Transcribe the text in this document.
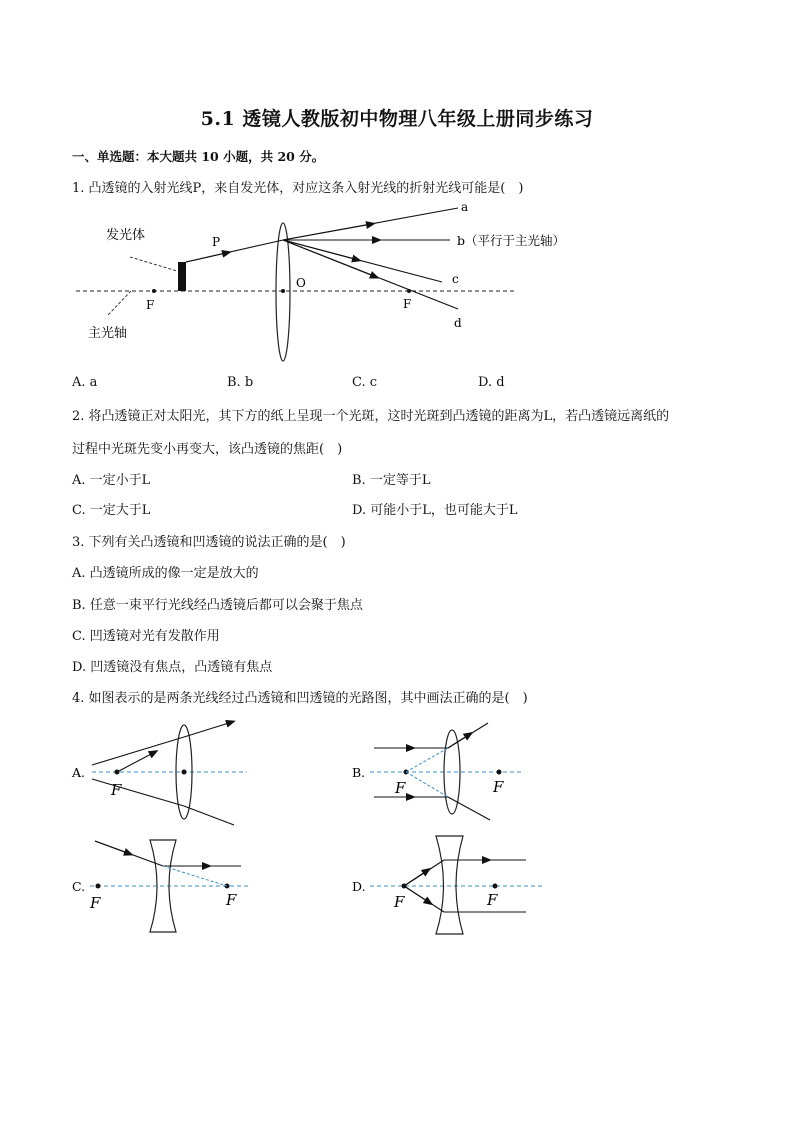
5.1 透镜人教版初中物理八年级上册同步练习
一、单选题：本大题共 10 小题，共 20 分。
1. 凸透镜的入射光线P，来自发光体，对应这条入射光线的折射光线可能是(　)
发光体	P
O
F	F
主光轴
a
b（平行于主光轴）
c
d
A. a	B. b	C. c	D. d
2. 将凸透镜正对太阳光，其下方的纸上呈现一个光斑，这时光斑到凸透镜的距离为L，若凸透镜远离纸的
过程中光斑先变小再变大，该凸透镜的焦距(　)
A. 一定小于L	B. 一定等于L
C. 一定大于L	D. 可能小于L，也可能大于L
3. 下列有关凸透镜和凹透镜的说法正确的是(　)
A. 凸透镜所成的像一定是放大的
B. 任意一束平行光线经凸透镜后都可以会聚于焦点
C. 凹透镜对光有发散作用
D. 凹透镜没有焦点，凸透镜有焦点
4. 如图表示的是两条光线经过凸透镜和凹透镜的光路图，其中画法正确的是(　)
A.
F
B.
F	F
C.
F	F
D.
F	F
